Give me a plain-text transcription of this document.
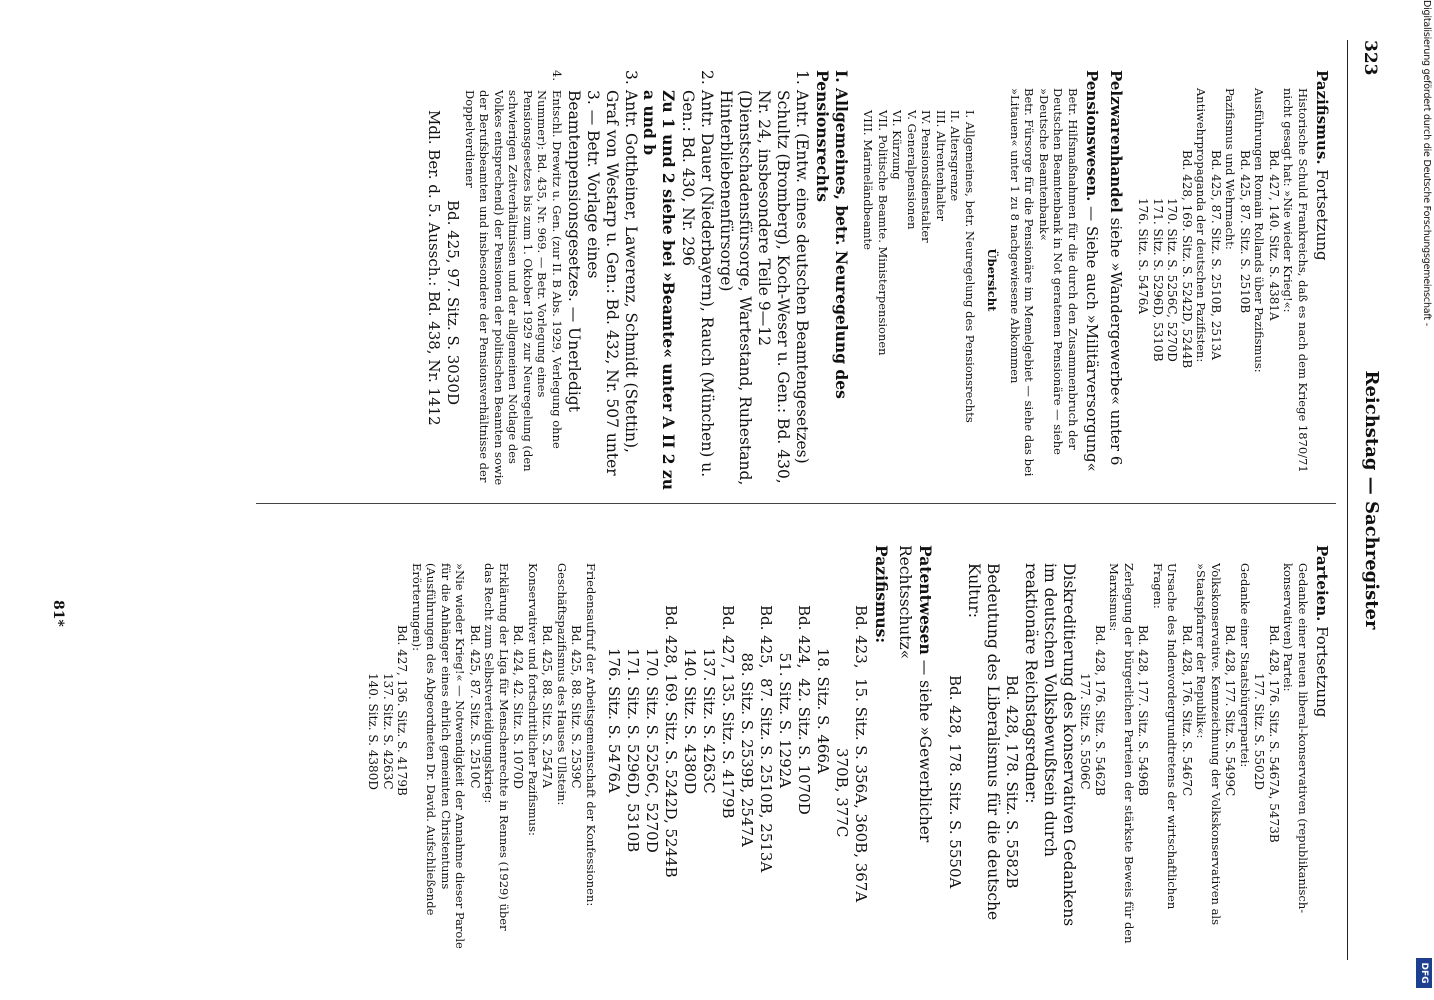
Digitalisierung gefördert durch die Deutsche Forschungsgemeinschaft -
DFG
323
Reichstag — Sachregister
Pazifismus. Fortsetzung

Historische Schuld Frankreichs, daß es nach dem Kriege 1870/71 nicht gesagt hat: »Nie wieder Krieg!«:

Bd. 427, 140. Sitz. S. 4381A

Ausführungen Romain Rollands über Pazifismus:

Bd. 425, 87. Sitz. S. 2510B

Pazifismus und Wehrmacht:

Bd. 425, 87. Sitz. S. 2510B, 2513A

Antiwehrpropaganda der deutschen Pazifisten:

Bd. 428, 169. Sitz. S. 5242D, 5244B
170. Sitz. S. 5256C, 5270D
171. Sitz. S. 5296D, 5310B
176. Sitz. S. 5476A
Pelzwarenhandel siehe »Wandergewerbe« unter 6
Pensionswesen. — Siehe auch »Militärversorgung«

Betr. Hilfsmaßnahmen für die durch den Zusammenbruch der Deutschen Beamtenbank in Not geratenen Pensionäre — siehe »Deutsche Beamtenbank«

Betr. Fürsorge für die Pensionäre im Memelgebiet — siehe das bei »Litauen« unter 1 zu 8 nachgewiesene Abkommen

Übersicht
I. Allgemeines, betr. Neuregelung des Pensionsrechts
II. Altersgrenze
III. Altrentenhalter
IV. Pensionsdienstalter
V. Generalpensionen
VI. Kürzung
VII. Politische Beamte. Ministerpensionen
VIII. Marineländbeamte
I. Allgemeines, betr. Neuregelung des Pensionsrechts
1.
Antr. (Entw. eines deutschen Beamtengesetzes) Schultz (Bromberg), Koch-Weser u. Gen.: Bd. 430, Nr. 24, insbesondere Teile 9—12 (Dienstschadensfürsorge, Wartestand, Ruhestand, Hinterbliebenenfürsorge)
2.
Antr. Dauer (Niederbayern), Rauch (München) u. Gen.: Bd. 430, Nr. 296
Zu 1 und 2 siehe bei »Beamte« unter A II 2 zu a und b
3.
Antr. Gottheiner, Lawerenz, Schmidt (Stettin), Graf von Westarp u. Gen.: Bd. 432, Nr. 507 unter 3. — Betr. Vorlage eines Beamtenpensionsgesetzes. — Unerledigt
4.
Entschl. Drewitz u. Gen. (zur II. B Abs. 1929, Verlegung ohne Nummer): Bd. 435, Nr. 969. — Betr. Vorlegung eines Pensionsgesetzes bis zum 1. Oktober 1929 zur Neuregelung (den schwierigen Zeitverhältnissen und der allgemeinen Notlage des Volkes entsprechend) der Pensionen der politischen Beamten sowie der Berufsbeamten und insbesondere der Pensionsverhältnisse der Doppelverdiener
Bd. 425, 97. Sitz. S. 3030D
Mdl. Ber. d. 5. Aussch.: Bd. 438, Nr. 1412
81*	Parteien. Fortsetzung

Gedanke einer neuen liberal-konservativen (republikanisch-konservativen) Partei:

Bd. 428, 176. Sitz. S. 5467A, 5473B
177. Sitz. S. 5502D

Gedanke einer Staatsbürgerpartei:

Bd. 428, 177. Sitz. S. 5499C

Volkskonservative. Kennzeichnung der Volkskonservativen als »Staatspfarrer der Republik«:

Bd. 428, 176. Sitz. S. 5467C

Ursache des Indenvordergrundtretens der wirtschaftlichen Fragen:

Bd. 428, 177. Sitz. S. 5496B

Zerlegung der bürgerlichen Parteien der stärkste Beweis für den Marxismus:

Bd. 428, 176. Sitz. S. 5462B
177. Sitz. S. 5506C

Diskreditierung des konservativen Gedankens im deutschen Volksbewußtsein durch reaktionäre Reichstagsredner:

Bd. 428, 178. Sitz. S. 5582B

Bedeutung des Liberalismus für die deutsche Kultur:

Bd. 428, 178. Sitz. S. 5550A
Patentwesen — siehe »Gewerblicher Rechtsschutz«
Pazifismus:
Bd. 423,  15. Sitz. S. 356A, 360B, 367A
370B, 377C
18. Sitz. S. 466A
Bd. 424,  42. Sitz. S. 1070D
51. Sitz. S. 1292A
Bd. 425,  87. Sitz. S. 2510B, 2513A
88. Sitz. S. 2539B, 2547A
Bd. 427, 135. Sitz. S. 4179B
137. Sitz. S. 4263C
140. Sitz. S. 4380D
Bd. 428, 169. Sitz. S. 5242D, 5244B
170. Sitz. S. 5256C, 5270D
171. Sitz. S. 5296D, 5310B
176. Sitz. S. 5476A

Friedensaufruf der Arbeitsgemeinschaft der Konfessionen:

Bd. 425, 88. Sitz. S. 2539C

Geschäftspazifismus des Hauses Ullstein:

Bd. 425, 88. Sitz. S. 2547A

Konservativer und fortschrittlicher Pazifismus:

Bd. 424, 42. Sitz. S. 1070D

Erklärung der Liga für Menschenrechte in Rennes (1929) über das Recht zum Selbstverteidigungskrieg:

Bd. 425, 87. Sitz. S. 2510C

»Nie wieder Krieg!« — Notwendigkeit der Annahme dieser Parole für die Anhänger eines ehrlich gemeinten Christentums (Ausführungen des Abgeordneten Dr. David. Aufschließende Erörterungen):

Bd. 427, 136. Sitz. S. 4179B
137. Sitz. S. 4263C
140. Sitz. S. 4380D
